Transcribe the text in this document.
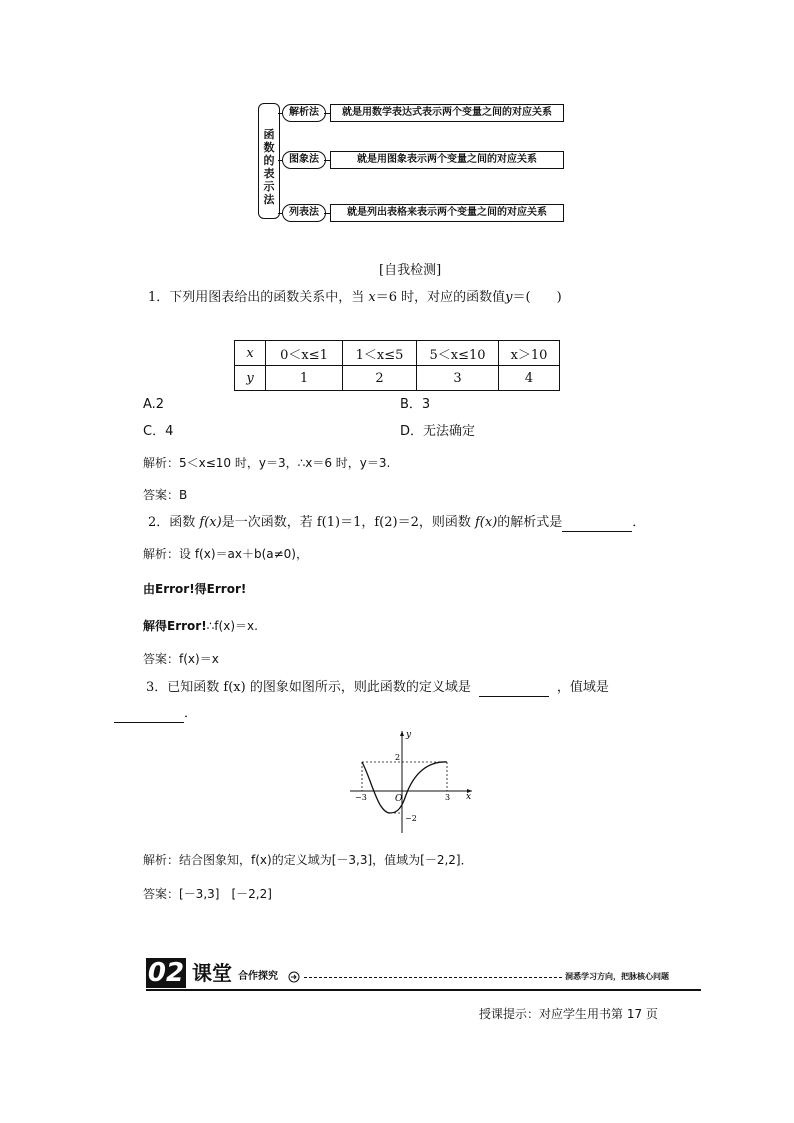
函数的表示法
解析法	就是用数学表达式表示两个变量之间的对应关系
图象法	就是用图象表示两个变量之间的对应关系
列表法	就是列出表格来表示两个变量之间的对应关系
[自我检测]
1．下列用图表给出的函数关系中，当 x＝6 时，对应的函数值y＝(　　)
x	0＜x≤1	1＜x≤5	5＜x≤10	x＞10
y	1	2	3	4
A.2	B．3
C．4	D．无法确定
解析：5＜x≤10 时，y＝3，∴x＝6 时，y＝3.
答案：B
2．函数 f(x)是一次函数，若 f(1)＝1，f(2)＝2，则函数 f(x)的解析式是	．
解析：设 f(x)＝ax＋b(a≠0)，
由Error!得Error!
解得Error!∴f(x)＝x.
答案：f(x)＝x
3．已知函数 f(x) 的图象如图所示，则此函数的定义域是	，值域是
．
y
x
O
−3	3
2
−2
解析：结合图象知，f(x)的定义域为[－3,3]，值域为[－2,2]．
答案：[－3,3]　[－2,2]
02 课堂 合作探究	洞悉学习方向，把脉核心问题
授课提示：对应学生用书第 17 页
